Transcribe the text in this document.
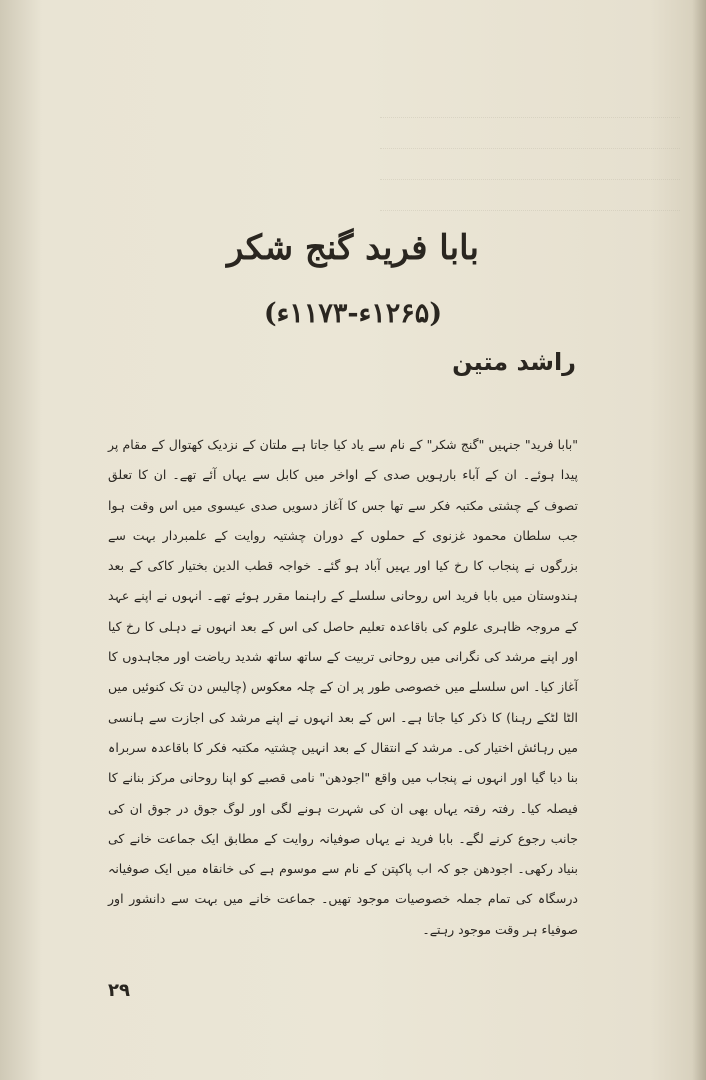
بابا فرید گنج شکر
(۱۲۶۵ء-۱۱۷۳ء)
راشد متین
"بابا فرید" جنہیں "گنج شکر" کے نام سے یاد کیا جاتا ہے ملتان کے نزدیک کھتوال کے مقام پر پیدا ہوئے۔ ان کے آباء بارہویں صدی کے اواخر میں کابل سے یہاں آئے تھے۔ ان کا تعلق تصوف کے چشتی مکتبہ فکر سے تھا جس کا آغاز دسویں صدی عیسوی میں اس وقت ہوا جب سلطان محمود غزنوی کے حملوں کے دوران چشتیہ روایت کے علمبردار بہت سے بزرگوں نے پنجاب کا رخ کیا اور یہیں آباد ہو گئے۔ خواجہ قطب الدین بختیار کاکی کے بعد ہندوستان میں بابا فرید اس روحانی سلسلے کے راہنما مقرر ہوئے تھے۔ انہوں نے اپنے عہد کے مروجہ ظاہری علوم کی باقاعدہ تعلیم حاصل کی اس کے بعد انہوں نے دہلی کا رخ کیا اور اپنے مرشد کی نگرانی میں روحانی تربیت کے ساتھ ساتھ شدید ریاضت اور مجاہدوں کا آغاز کیا۔ اس سلسلے میں خصوصی طور پر ان کے چلہ معکوس (چالیس دن تک کنوئیں میں الٹا لٹکے رہنا) کا ذکر کیا جاتا ہے۔ اس کے بعد انہوں نے اپنے مرشد کی اجازت سے ہانسی میں رہائش اختیار کی۔ مرشد کے انتقال کے بعد انہیں چشتیہ مکتبہ فکر کا باقاعدہ سربراہ بنا دیا گیا اور انہوں نے پنجاب میں واقع "اجودھن" نامی قصبے کو اپنا روحانی مرکز بنانے کا فیصلہ کیا۔ رفتہ رفتہ یہاں بھی ان کی شہرت ہونے لگی اور لوگ جوق در جوق ان کی جانب رجوع کرنے لگے۔ بابا فرید نے یہاں صوفیانہ روایت کے مطابق ایک جماعت خانے کی بنیاد رکھی۔ اجودھن جو کہ اب پاکپتن کے نام سے موسوم ہے کی خانقاہ میں ایک صوفیانہ درسگاہ کی تمام جملہ خصوصیات موجود تھیں۔ جماعت خانے میں بہت سے دانشور اور صوفیاء ہر وقت موجود رہتے۔
۲۹
